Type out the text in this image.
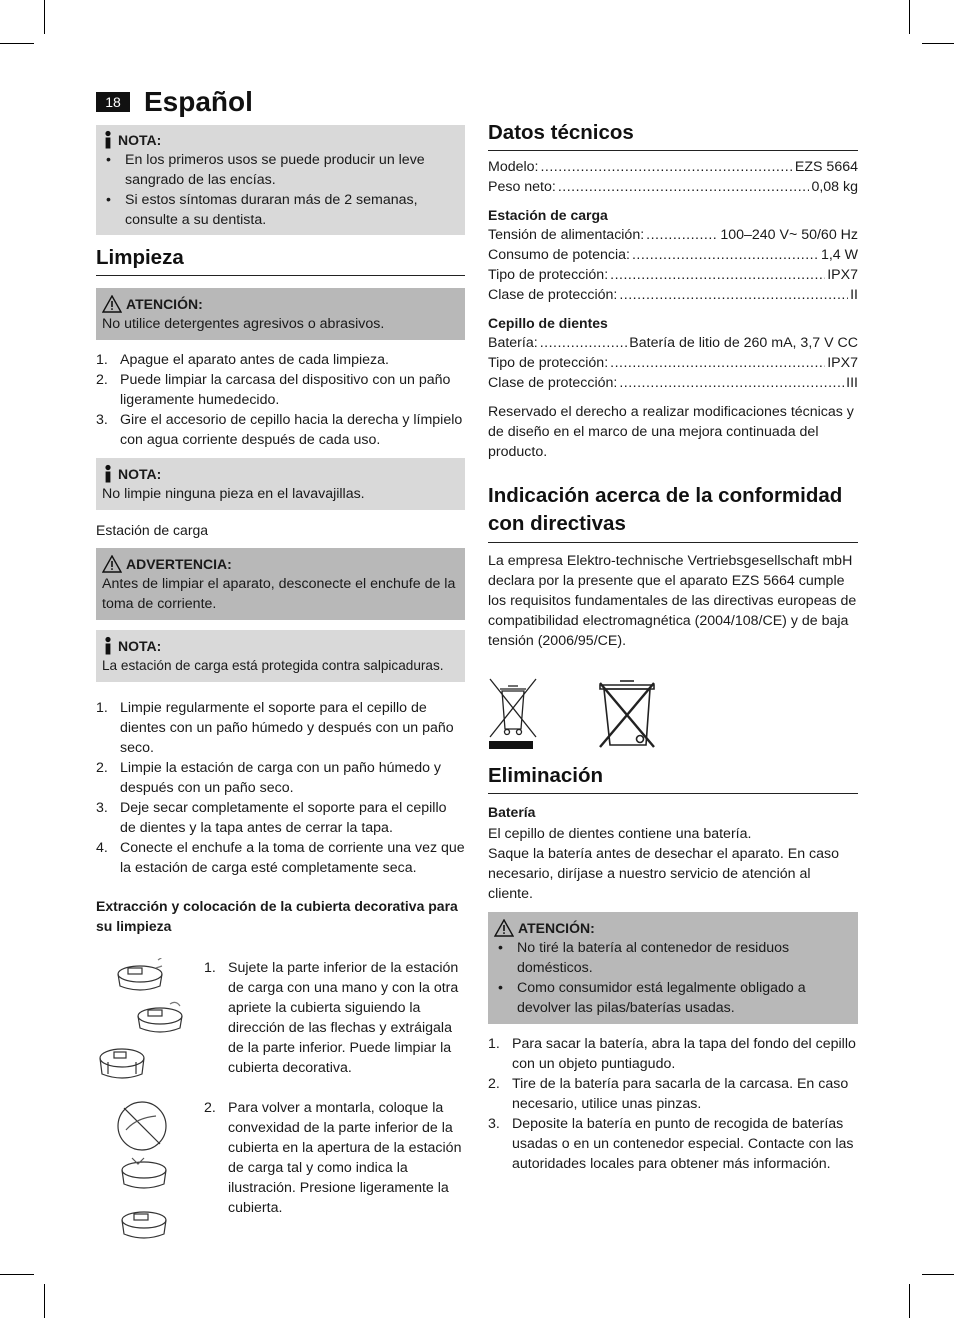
18 Español
NOTA:
• En los primeros usos se puede producir un leve sangrado de las encías.
• Si estos síntomas duraran más de 2 semanas, consulte a su dentista.
Limpieza
ATENCIÓN:
No utilice detergentes agresivos o abrasivos.
1. Apague el aparato antes de cada limpieza.
2. Puede limpiar la carcasa del dispositivo con un paño ligeramente humedecido.
3. Gire el accesorio de cepillo hacia la derecha y límpielo con agua corriente después de cada uso.
NOTA:
No limpie ninguna pieza en el lavavajillas.
Estación de carga
ADVERTENCIA:
Antes de limpiar el aparato, desconecte el enchufe de la toma de corriente.
NOTA:
La estación de carga está protegida contra salpicaduras.
1. Limpie regularmente el soporte para el cepillo de dientes con un paño húmedo y después con un paño seco.
2. Limpie la estación de carga con un paño húmedo y después con un paño seco.
3. Deje secar completamente el soporte para el cepillo de dientes y la tapa antes de cerrar la tapa.
4. Conecte el enchufe a la toma de corriente una vez que la estación de carga esté completamente seca.
Extracción y colocación de la cubierta decorativa para su limpieza
1. Sujete la parte inferior de la estación de carga con una mano y con la otra apriete la cubierta siguiendo la dirección de las flechas y extráigala de la parte inferior. Puede limpiar la cubierta decorativa.
2. Para volver a montarla, coloque la convexidad de la parte inferior de la cubierta en la apertura de la estación de carga tal y como indica la ilustración. Presione ligeramente la cubierta.
Datos técnicos
Modelo: .....	EZS 5664
Peso neto: .....	0,08 kg
Estación de carga
Tensión de alimentación: .....	100–240 V~ 50/60 Hz
Consumo de potencia: .....	1,4 W
Tipo de protección: .....	IPX7
Clase de protección: .....	II
Cepillo de dientes
Batería: .....	Batería de litio de 260 mA, 3,7 V CC
Tipo de protección: .....	IPX7
Clase de protección: .....	III

Reservado el derecho a realizar modificaciones técnicas y de diseño en el marco de una mejora continuada del producto.

Indicación acerca de la conformidad con directivas

La empresa Elektro-technische Vertriebsgesellschaft mbH declara por la presente que el aparato EZS 5664 cumple los requisitos fundamentales de las directivas europeas de compatibilidad electromagnética (2004/108/CE) y de baja tensión (2006/95/CE).

Eliminación
Batería

El cepillo de dientes contiene una batería.

Saque la batería antes de desechar el aparato. En caso necesario, diríjase a nuestro servicio de atención al cliente.

ATENCIÓN:
• No tiré la batería al contenedor de residuos domésticos.
• Como consumidor está legalmente obligado a devolver las pilas/baterías usadas.
1. Para sacar la batería, abra la tapa del fondo del cepillo con un objeto puntiagudo.
2. Tire de la batería para sacarla de la carcasa. En caso necesario, utilice unas pinzas.
3. Deposite la batería en punto de recogida de baterías usadas o en un contenedor especial. Contacte con las autoridades locales para obtener más información.
